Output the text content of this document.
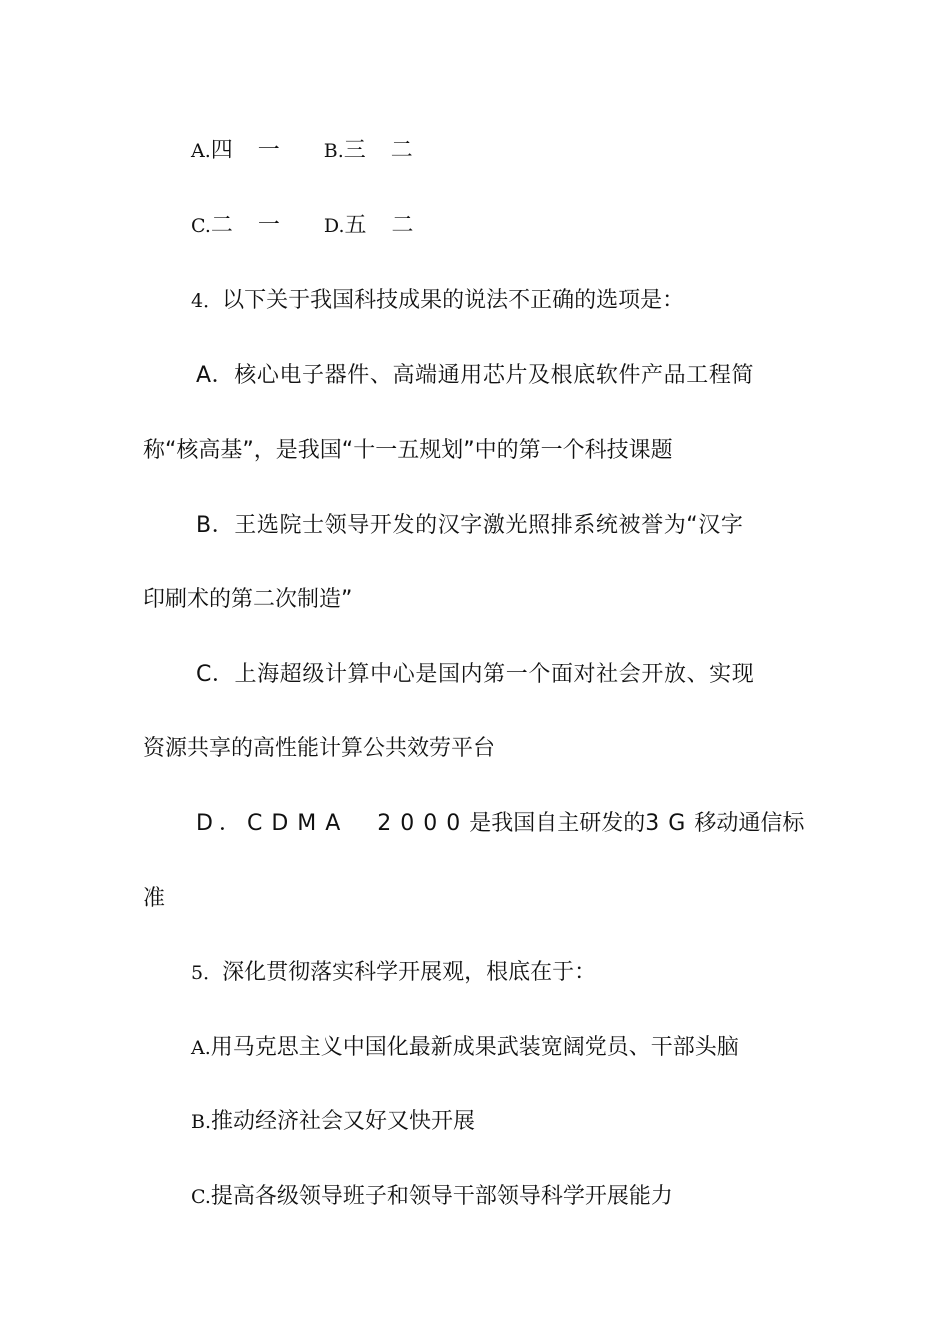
A.四 一 B.三 二
C.二 一 D.五 二
4．以下关于我国科技成果的说法不正确的选项是：
A．核心电子器件、高端通用芯片及根底软件产品工程简
称“核高基”，是我国“十一五规划”中的第一个科技课题
B．王选院士领导开发的汉字激光照排系统被誉为“汉字
印刷术的第二次制造”
C．上海超级计算中心是国内第一个面对社会开放、实现
资源共享的高性能计算公共效劳平台
D．CDMA 2000是我国自主研发的3G移动通信标
准
5．深化贯彻落实科学开展观，根底在于：
A.用马克思主义中国化最新成果武装宽阔党员、干部头脑
B.推动经济社会又好又快开展
C.提高各级领导班子和领导干部领导科学开展能力
